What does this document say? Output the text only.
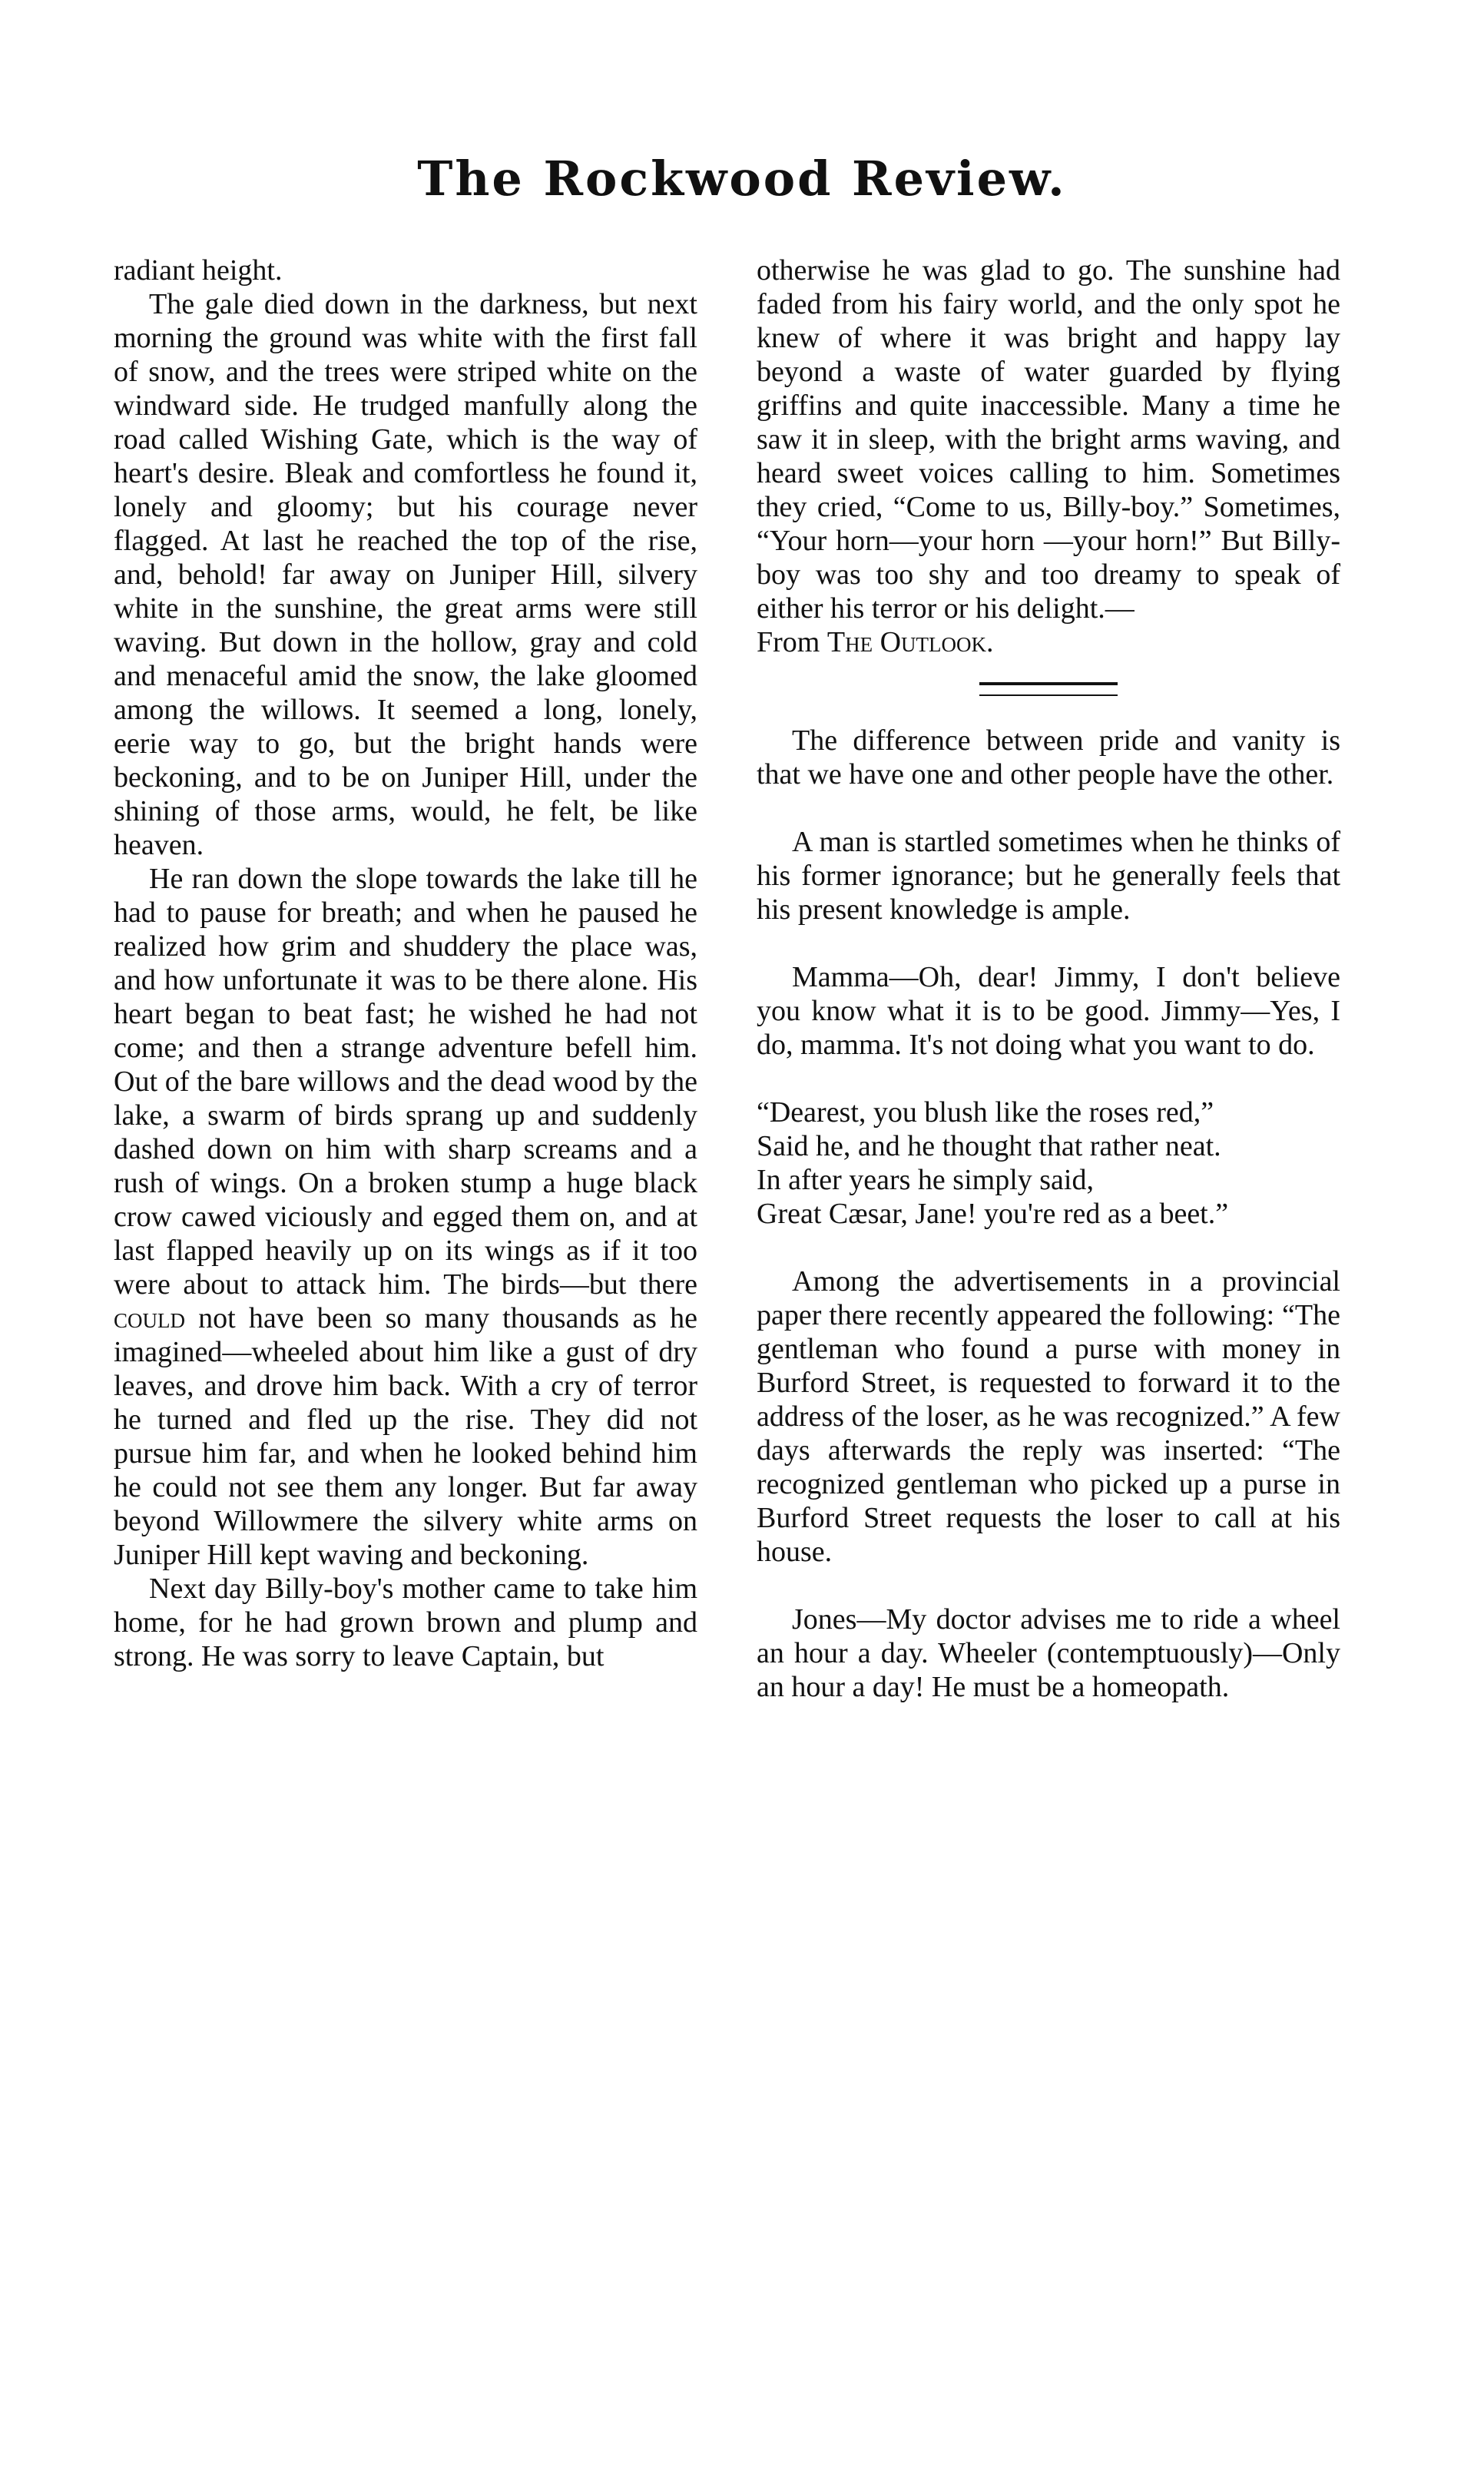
The Rockwood Review.

radiant height.

The gale died down in the darkness, but next morning the ground was white with the first fall of snow, and the trees were striped white on the windward side. He trudged manfully along the road called Wishing Gate, which is the way of heart's desire. Bleak and comfortless he found it, lonely and gloomy; but his courage never flagged. At last he reached the top of the rise, and, behold! far away on Juniper Hill, silvery white in the sunshine, the great arms were still waving. But down in the hollow, gray and cold and menaceful amid the snow, the lake gloomed among the willows. It seemed a long, lonely, eerie way to go, but the bright hands were beckoning, and to be on Juniper Hill, under the shining of those arms, would, he felt, be like heaven.

He ran down the slope towards the lake till he had to pause for breath; and when he paused he realized how grim and shuddery the place was, and how unfortunate it was to be there alone. His heart began to beat fast; he wished he had not come; and then a strange adventure befell him. Out of the bare willows and the dead wood by the lake, a swarm of birds sprang up and suddenly dashed down on him with sharp screams and a rush of wings. On a broken stump a huge black crow cawed viciously and egged them on, and at last flapped heavily up on its wings as if it too were about to attack him. The birds—but there could not have been so many thousands as he imagined—wheeled about him like a gust of dry leaves, and drove him back. With a cry of terror he turned and fled up the rise. They did not pursue him far, and when he looked behind him he could not see them any longer. But far away beyond Willowmere the silvery white arms on Juniper Hill kept waving and beckoning.

Next day Billy-boy's mother came to take him home, for he had grown brown and plump and strong. He was sorry to leave Captain, but

otherwise he was glad to go. The sunshine had faded from his fairy world, and the only spot he knew of where it was bright and happy lay beyond a waste of water guarded by flying griffins and quite inaccessible. Many a time he saw it in sleep, with the bright arms waving, and heard sweet voices calling to him. Sometimes they cried, “Come to us, Billy-boy.” Sometimes, “Your horn—your horn —your horn!” But Billy-boy was too shy and too dreamy to speak of either his terror or his delight.—
From The Outlook.

The difference between pride and vanity is that we have one and other people have the other.

A man is startled sometimes when he thinks of his former ignorance; but he generally feels that his present knowledge is ample.

Mamma—Oh, dear! Jimmy, I don't believe you know what it is to be good. Jimmy—Yes, I do, mamma. It's not doing what you want to do.

“Dearest, you blush like the roses red,”

Said he, and he thought that rather neat.

In after years he simply said,

Great Cæsar, Jane! you're red as a beet.”

Among the advertisements in a provincial paper there recently appeared the following: “The gentleman who found a purse with money in Burford Street, is requested to forward it to the address of the loser, as he was recognized.” A few days afterwards the reply was inserted: “The recognized gentleman who picked up a purse in Burford Street requests the loser to call at his house.

Jones—My doctor advises me to ride a wheel an hour a day. Wheeler (contemptuously)—Only an hour a day! He must be a homeopath.
